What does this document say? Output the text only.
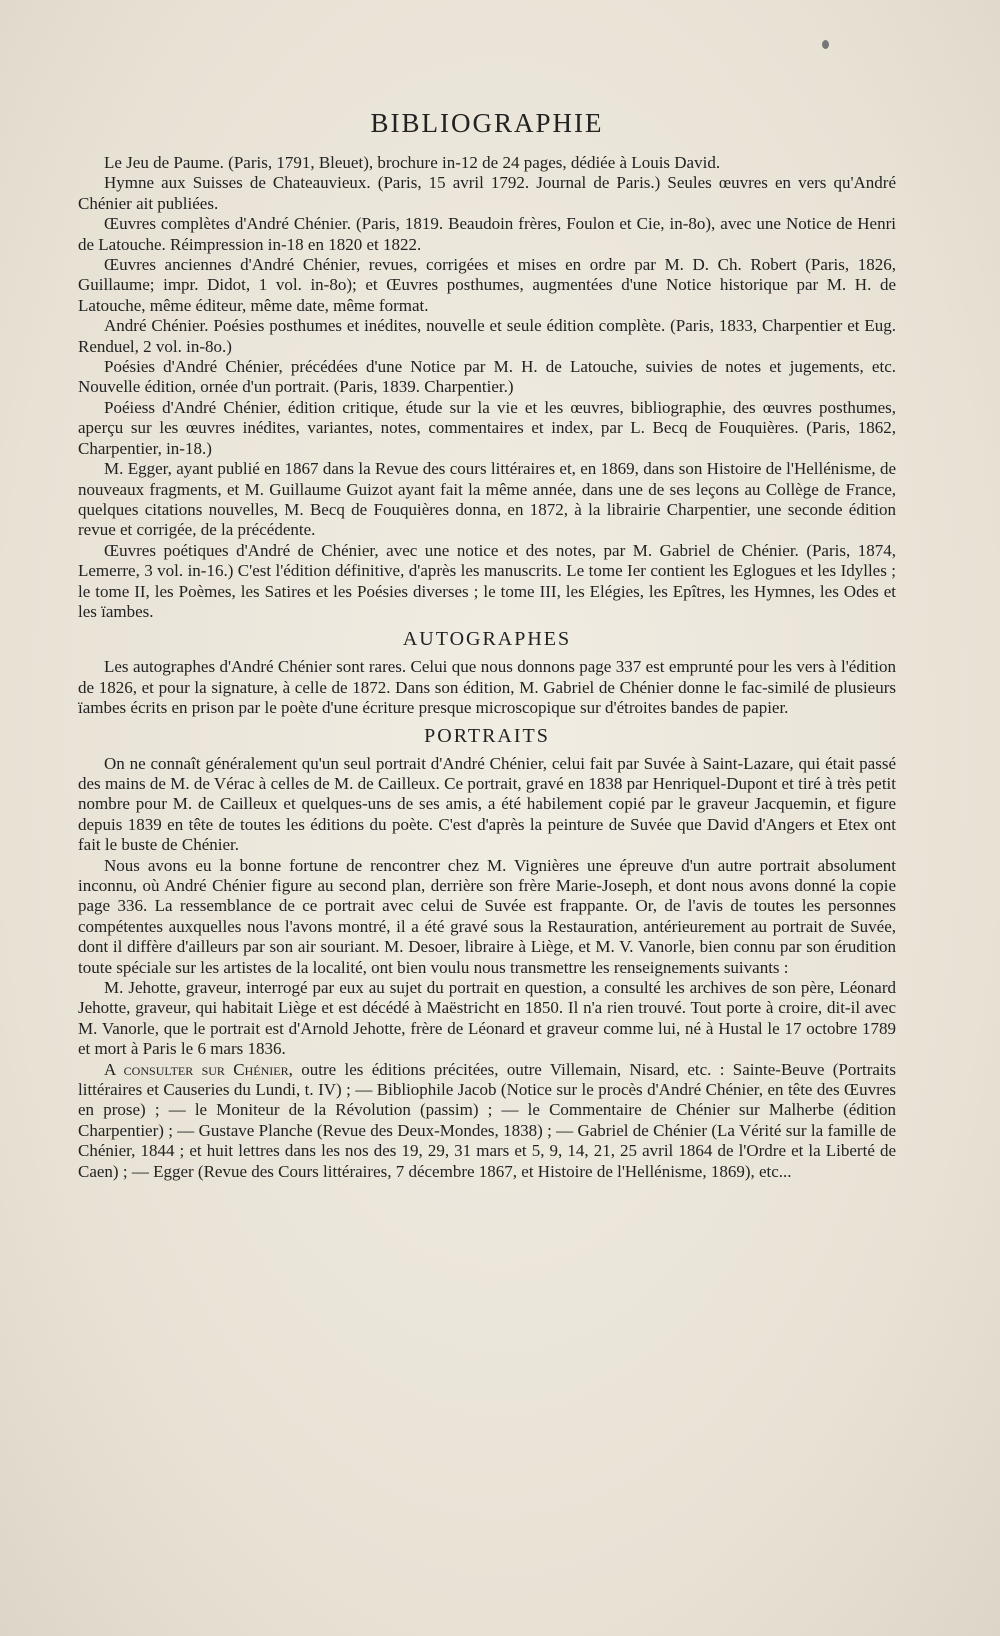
BIBLIOGRAPHIE

Le Jeu de Paume. (Paris, 1791, Bleuet), brochure in-12 de 24 pages, dédiée à Louis David.

Hymne aux Suisses de Chateauvieux. (Paris, 15 avril 1792. Journal de Paris.) Seules œuvres en vers qu'André Chénier ait publiées.

Œuvres complètes d'André Chénier. (Paris, 1819. Beaudoin frères, Foulon et Cie, in-8o), avec une Notice de Henri de Latouche. Réimpression in-18 en 1820 et 1822.

Œuvres anciennes d'André Chénier, revues, corrigées et mises en ordre par M. D. Ch. Robert (Paris, 1826, Guillaume; impr. Didot, 1 vol. in-8o); et Œuvres posthumes, augmentées d'une Notice historique par M. H. de Latouche, même éditeur, même date, même format.

André Chénier. Poésies posthumes et inédites, nouvelle et seule édition complète. (Paris, 1833, Charpentier et Eug. Renduel, 2 vol. in-8o.)

Poésies d'André Chénier, précédées d'une Notice par M. H. de Latouche, suivies de notes et jugements, etc. Nouvelle édition, ornée d'un portrait. (Paris, 1839. Charpentier.)

Poéiess d'André Chénier, édition critique, étude sur la vie et les œuvres, bibliographie, des œuvres posthumes, aperçu sur les œuvres inédites, variantes, notes, commentaires et index, par L. Becq de Fouquières. (Paris, 1862, Charpentier, in-18.)

M. Egger, ayant publié en 1867 dans la Revue des cours littéraires et, en 1869, dans son Histoire de l'Hellénisme, de nouveaux fragments, et M. Guillaume Guizot ayant fait la même année, dans une de ses leçons au Collège de France, quelques citations nouvelles, M. Becq de Fouquières donna, en 1872, à la librairie Charpentier, une seconde édition revue et corrigée, de la précédente.

Œuvres poétiques d'André de Chénier, avec une notice et des notes, par M. Gabriel de Chénier. (Paris, 1874, Lemerre, 3 vol. in-16.) C'est l'édition définitive, d'après les manuscrits. Le tome Ier contient les Eglogues et les Idylles ; le tome II, les Poèmes, les Satires et les Poésies diverses ; le tome III, les Elégies, les Epîtres, les Hymnes, les Odes et les ïambes.

AUTOGRAPHES

Les autographes d'André Chénier sont rares. Celui que nous donnons page 337 est emprunté pour les vers à l'édition de 1826, et pour la signature, à celle de 1872. Dans son édition, M. Gabriel de Chénier donne le fac-similé de plusieurs ïambes écrits en prison par le poète d'une écriture presque microscopique sur d'étroites bandes de papier.

PORTRAITS

On ne connaît généralement qu'un seul portrait d'André Chénier, celui fait par Suvée à Saint-Lazare, qui était passé des mains de M. de Vérac à celles de M. de Cailleux. Ce portrait, gravé en 1838 par Henriquel-Dupont et tiré à très petit nombre pour M. de Cailleux et quelques-uns de ses amis, a été habilement copié par le graveur Jacquemin, et figure depuis 1839 en tête de toutes les éditions du poète. C'est d'après la peinture de Suvée que David d'Angers et Etex ont fait le buste de Chénier.

Nous avons eu la bonne fortune de rencontrer chez M. Vignières une épreuve d'un autre portrait absolument inconnu, où André Chénier figure au second plan, derrière son frère Marie-Joseph, et dont nous avons donné la copie page 336. La ressemblance de ce portrait avec celui de Suvée est frappante. Or, de l'avis de toutes les personnes compétentes auxquelles nous l'avons montré, il a été gravé sous la Restauration, antérieurement au portrait de Suvée, dont il diffère d'ailleurs par son air souriant. M. Desoer, libraire à Liège, et M. V. Vanorle, bien connu par son érudition toute spéciale sur les artistes de la localité, ont bien voulu nous transmettre les renseignements suivants :

M. Jehotte, graveur, interrogé par eux au sujet du portrait en question, a consulté les archives de son père, Léonard Jehotte, graveur, qui habitait Liège et est décédé à Maëstricht en 1850. Il n'a rien trouvé. Tout porte à croire, dit-il avec M. Vanorle, que le portrait est d'Arnold Jehotte, frère de Léonard et graveur comme lui, né à Hustal le 17 octobre 1789 et mort à Paris le 6 mars 1836.

A consulter sur Chénier, outre les éditions précitées, outre Villemain, Nisard, etc. : Sainte-Beuve (Portraits littéraires et Causeries du Lundi, t. IV) ; — Bibliophile Jacob (Notice sur le procès d'André Chénier, en tête des Œuvres en prose) ; — le Moniteur de la Révolution (passim) ; — le Commentaire de Chénier sur Malherbe (édition Charpentier) ; — Gustave Planche (Revue des Deux-Mondes, 1838) ; — Gabriel de Chénier (La Vérité sur la famille de Chénier, 1844 ; et huit lettres dans les nos des 19, 29, 31 mars et 5, 9, 14, 21, 25 avril 1864 de l'Ordre et la Liberté de Caen) ; — Egger (Revue des Cours littéraires, 7 décembre 1867, et Histoire de l'Hellénisme, 1869), etc...
